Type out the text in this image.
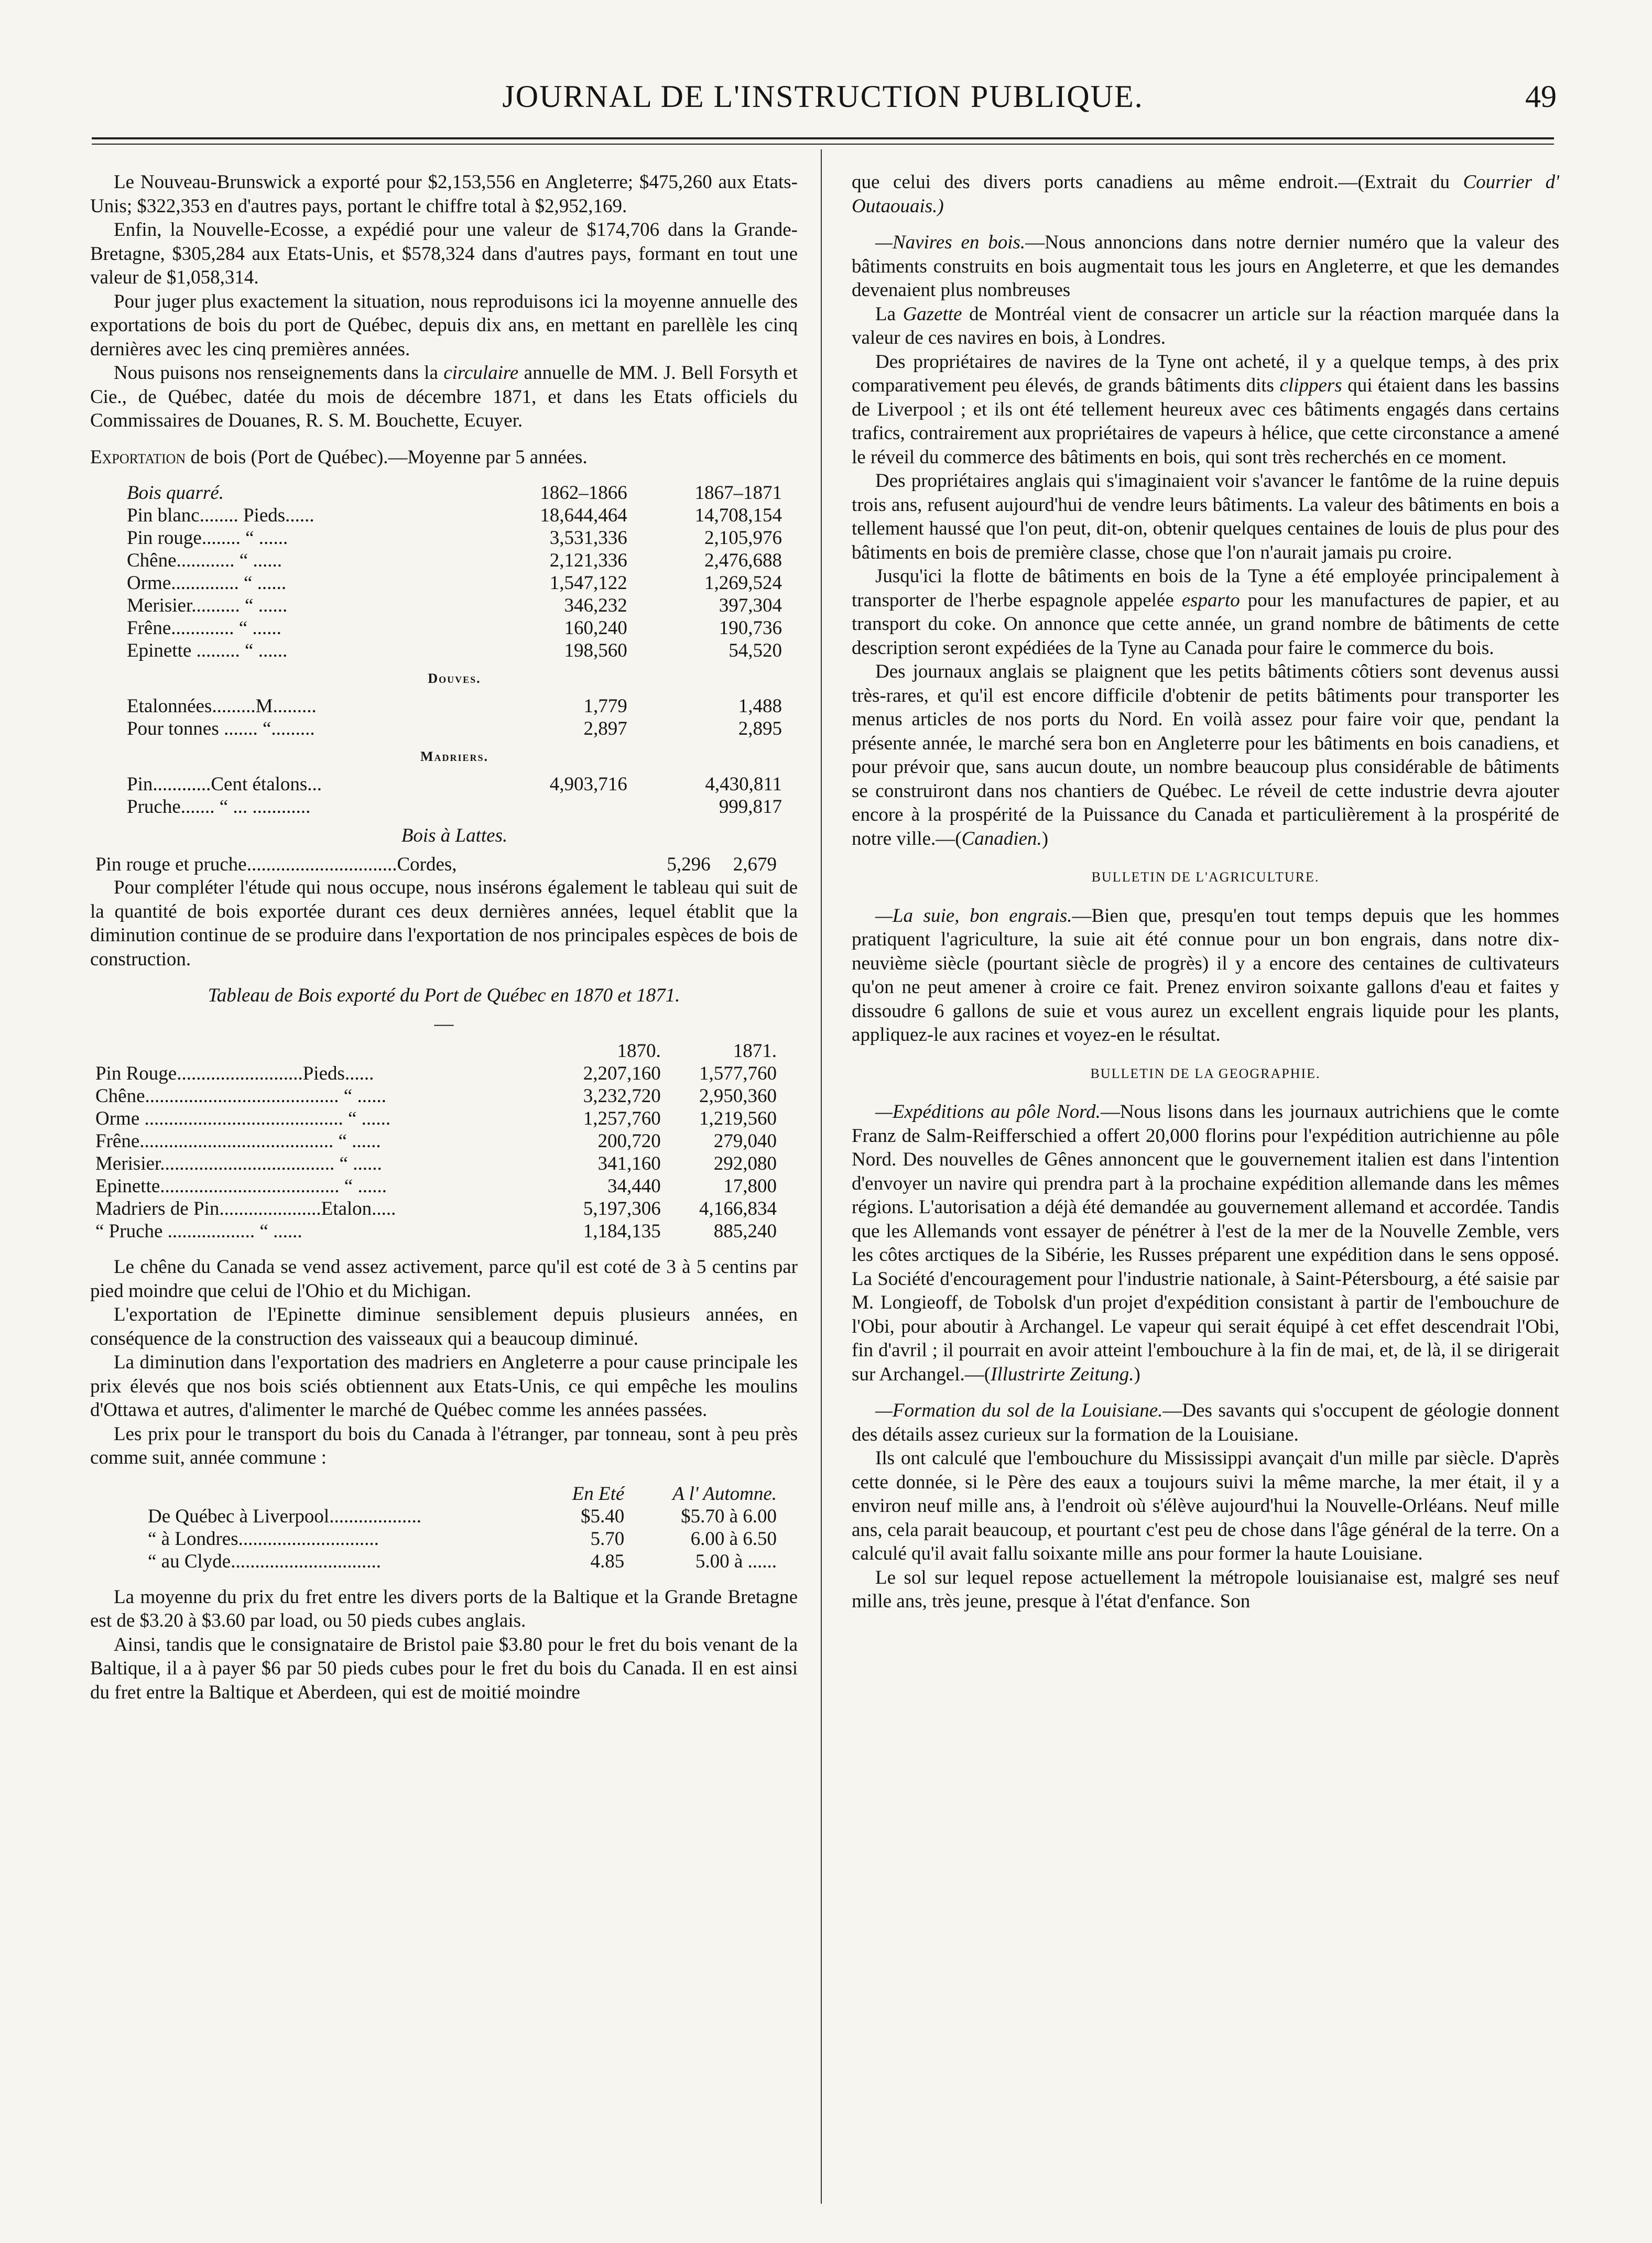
JOURNAL DE L'INSTRUCTION PUBLIQUE.	49

Le Nouveau-Brunswick a exporté pour $2,153,556 en Angleterre; $475,260 aux Etats-Unis; $322,353 en d'autres pays, portant le chiffre total à $2,952,169.

Enfin, la Nouvelle-Ecosse, a expédié pour une valeur de $174,706 dans la Grande-Bretagne, $305,284 aux Etats-Unis, et $578,324 dans d'autres pays, formant en tout une valeur de $1,058,314.

Pour juger plus exactement la situation, nous reproduisons ici la moyenne annuelle des exportations de bois du port de Québec, depuis dix ans, en mettant en parellèle les cinq dernières avec les cinq premières années.

Nous puisons nos renseignements dans la circulaire annuelle de MM. J. Bell Forsyth et Cie., de Québec, datée du mois de décembre 1871, et dans les Etats officiels du Commissaires de Douanes, R. S. M. Bouchette, Ecuyer.

Exportation de bois (Port de Québec).—Moyenne par 5 années.

Bois quarré.	1862–1866	1867–1871
Pin blanc........ Pieds......	18,644,464	14,708,154
Pin rouge........ “ ......	3,531,336	2,105,976
Chêne............ “ ......	2,121,336	2,476,688
Orme.............. “ ......	1,547,122	1,269,524
Merisier.......... “ ......	346,232	397,304
Frêne............. “ ......	160,240	190,736
Epinette ......... “ ......	198,560	54,520

Douves.		

Etalonnées.........M.........	1,779	1,488
Pour tonnes ....... “.........	2,897	2,895

Madriers.		

Pin............Cent étalons...	4,903,716	4,430,811
Pruche....... “ ... ............		999,817
Bois à Lattes.		
Pin rouge et pruche...............................Cordes,	5,296	2,679

Pour compléter l'étude qui nous occupe, nous insérons également le tableau qui suit de la quantité de bois exportée durant ces deux dernières années, lequel établit que la diminution continue de se produire dans l'exportation de nos principales espèces de bois de construction.

Tableau de Bois exporté du Port de Québec en 1870 et 1871.

—
	1870.	1871.
Pin Rouge..........................Pieds......	2,207,160	1,577,760
Chêne........................................ “ ......	3,232,720	2,950,360
Orme ......................................... “ ......	1,257,760	1,219,560
Frêne........................................ “ ......	200,720	279,040
Merisier.................................... “ ......	341,160	292,080
Epinette..................................... “ ......	34,440	17,800
Madriers de Pin.....................Etalon.....	5,197,306	4,166,834
“ Pruche .................. “ ......	1,184,135	885,240

Le chêne du Canada se vend assez activement, parce qu'il est coté de 3 à 5 centins par pied moindre que celui de l'Ohio et du Michigan.

L'exportation de l'Epinette diminue sensiblement depuis plusieurs années, en conséquence de la construction des vaisseaux qui a beaucoup diminué.

La diminution dans l'exportation des madriers en Angleterre a pour cause principale les prix élevés que nos bois sciés obtiennent aux Etats-Unis, ce qui empêche les moulins d'Ottawa et autres, d'alimenter le marché de Québec comme les années passées.

Les prix pour le transport du bois du Canada à l'étranger, par tonneau, sont à peu près comme suit, année commune :

	En Eté	A l' Automne.
De Québec à Liverpool...................	$5.40	$5.70 à 6.00
“ à Londres.............................	5.70	6.00 à 6.50
“ au Clyde...............................	4.85	5.00 à ......

La moyenne du prix du fret entre les divers ports de la Baltique et la Grande Bretagne est de $3.20 à $3.60 par load, ou 50 pieds cubes anglais.

Ainsi, tandis que le consignataire de Bristol paie $3.80 pour le fret du bois venant de la Baltique, il a à payer $6 par 50 pieds cubes pour le fret du bois du Canada. Il en est ainsi du fret entre la Baltique et Aberdeen, qui est de moitié moindre

que celui des divers ports canadiens au même endroit.—(Extrait du Courrier d' Outaouais.)

—Navires en bois.—Nous annoncions dans notre dernier numéro que la valeur des bâtiments construits en bois augmentait tous les jours en Angleterre, et que les demandes devenaient plus nombreuses

La Gazette de Montréal vient de consacrer un article sur la réaction marquée dans la valeur de ces navires en bois, à Londres.

Des propriétaires de navires de la Tyne ont acheté, il y a quelque temps, à des prix comparativement peu élevés, de grands bâtiments dits clippers qui étaient dans les bassins de Liverpool ; et ils ont été tellement heureux avec ces bâtiments engagés dans certains trafics, contrairement aux propriétaires de vapeurs à hélice, que cette circonstance a amené le réveil du commerce des bâtiments en bois, qui sont très recherchés en ce moment.

Des propriétaires anglais qui s'imaginaient voir s'avancer le fantôme de la ruine depuis trois ans, refusent aujourd'hui de vendre leurs bâtiments. La valeur des bâtiments en bois a tellement haussé que l'on peut, dit-on, obtenir quelques centaines de louis de plus pour des bâtiments en bois de première classe, chose que l'on n'aurait jamais pu croire.

Jusqu'ici la flotte de bâtiments en bois de la Tyne a été employée principalement à transporter de l'herbe espagnole appelée esparto pour les manufactures de papier, et au transport du coke. On annonce que cette année, un grand nombre de bâtiments de cette description seront expédiées de la Tyne au Canada pour faire le commerce du bois.

Des journaux anglais se plaignent que les petits bâtiments côtiers sont devenus aussi très-rares, et qu'il est encore difficile d'obtenir de petits bâtiments pour transporter les menus articles de nos ports du Nord. En voilà assez pour faire voir que, pendant la présente année, le marché sera bon en Angleterre pour les bâtiments en bois canadiens, et pour prévoir que, sans aucun doute, un nombre beaucoup plus considérable de bâtiments se construiront dans nos chantiers de Québec. Le réveil de cette industrie devra ajouter encore à la prospérité de la Puissance du Canada et particulièrement à la prospérité de notre ville.—(Canadien.)

BULLETIN DE L'AGRICULTURE.

—La suie, bon engrais.—Bien que, presqu'en tout temps depuis que les hommes pratiquent l'agriculture, la suie ait été connue pour un bon engrais, dans notre dix-neuvième siècle (pourtant siècle de progrès) il y a encore des centaines de cultivateurs qu'on ne peut amener à croire ce fait. Prenez environ soixante gallons d'eau et faites y dissoudre 6 gallons de suie et vous aurez un excellent engrais liquide pour les plants, appliquez-le aux racines et voyez-en le résultat.

BULLETIN DE LA GEOGRAPHIE.

—Expéditions au pôle Nord.—Nous lisons dans les journaux autrichiens que le comte Franz de Salm-Reifferschied a offert 20,000 florins pour l'expédition autrichienne au pôle Nord. Des nouvelles de Gênes annoncent que le gouvernement italien est dans l'intention d'envoyer un navire qui prendra part à la prochaine expédition allemande dans les mêmes régions. L'autorisation a déjà été demandée au gouvernement allemand et accordée. Tandis que les Allemands vont essayer de pénétrer à l'est de la mer de la Nouvelle Zemble, vers les côtes arctiques de la Sibérie, les Russes préparent une expédition dans le sens opposé. La Société d'encouragement pour l'industrie nationale, à Saint-Pétersbourg, a été saisie par M. Longieoff, de Tobolsk d'un projet d'expédition consistant à partir de l'embouchure de l'Obi, pour aboutir à Archangel. Le vapeur qui serait équipé à cet effet descendrait l'Obi, fin d'avril ; il pourrait en avoir atteint l'embouchure à la fin de mai, et, de là, il se dirigerait sur Archangel.—(Illustrirte Zeitung.)

—Formation du sol de la Louisiane.—Des savants qui s'occupent de géologie donnent des détails assez curieux sur la formation de la Louisiane.

Ils ont calculé que l'embouchure du Mississippi avançait d'un mille par siècle. D'après cette donnée, si le Père des eaux a toujours suivi la même marche, la mer était, il y a environ neuf mille ans, à l'endroit où s'élève aujourd'hui la Nouvelle-Orléans. Neuf mille ans, cela parait beaucoup, et pourtant c'est peu de chose dans l'âge général de la terre. On a calculé qu'il avait fallu soixante mille ans pour former la haute Louisiane.

Le sol sur lequel repose actuellement la métropole louisianaise est, malgré ses neuf mille ans, très jeune, presque à l'état d'enfance. Son
